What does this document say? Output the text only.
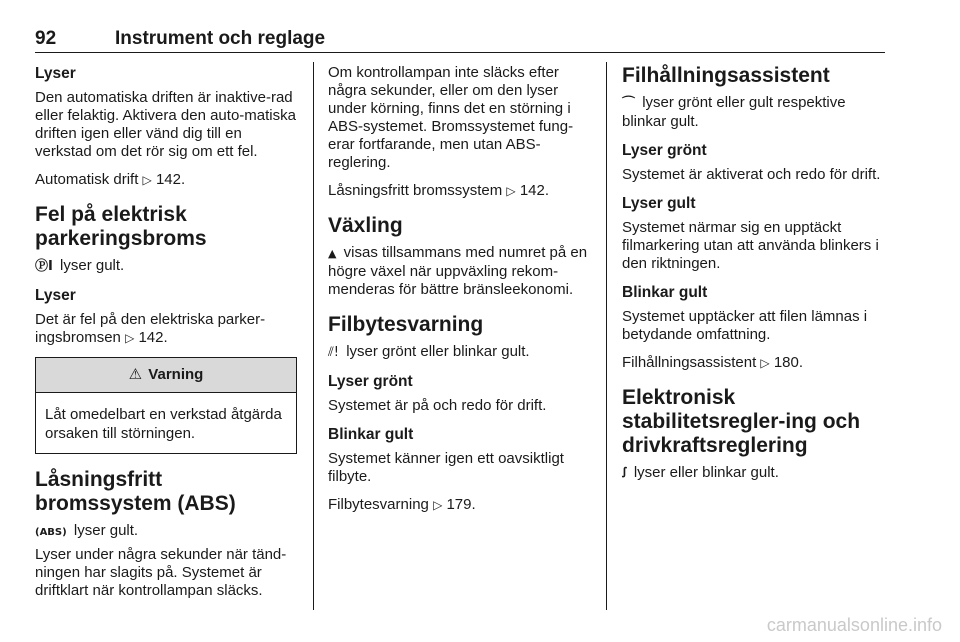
92	Instrument och reglage
Lyser

Den automatiska driften är inaktive-rad eller felaktig. Aktivera den auto-matiska driften igen eller vänd dig till en verkstad om det rör sig om ett fel.

Automatisk drift ▷ 142.

Fel på elektrisk parkeringsbroms

ⓅI lyser gult.

Lyser

Det är fel på den elektriska parker-ingsbromsen ▷ 142.

⚠ Varning
Låt omedelbart en verkstad åtgärda orsaken till störningen.
Låsningsfritt bromssystem (ABS)

(ABS) lyser gult.

Lyser under några sekunder när tänd-ningen har slagits på. Systemet är driftklart när kontrollampan släcks.

Om kontrollampan inte släcks efter några sekunder, eller om den lyser under körning, finns det en störning i ABS-systemet. Bromssystemet fung-erar fortfarande, men utan ABS-reglering.

Låsningsfritt bromssystem ▷ 142.

Växling

▲ visas tillsammans med numret på en högre växel när uppväxling rekom-menderas för bättre bränsleekonomi.

Filbytesvarning

⫽! lyser grönt eller blinkar gult.

Lyser grönt

Systemet är på och redo för drift.

Blinkar gult

Systemet känner igen ett oavsiktligt filbyte.

Filbytesvarning ▷ 179.

Filhållningsassistent

⌒ lyser grönt eller gult respektive blinkar gult.

Lyser grönt

Systemet är aktiverat och redo för drift.

Lyser gult

Systemet närmar sig en upptäckt filmarkering utan att använda blinkers i den riktningen.

Blinkar gult

Systemet upptäcker att filen lämnas i betydande omfattning.

Filhållningsassistent ▷ 180.

Elektronisk stabilitetsregler-ing och drivkraftsreglering

ꭍ lyser eller blinkar gult.

carmanualsonline.info
